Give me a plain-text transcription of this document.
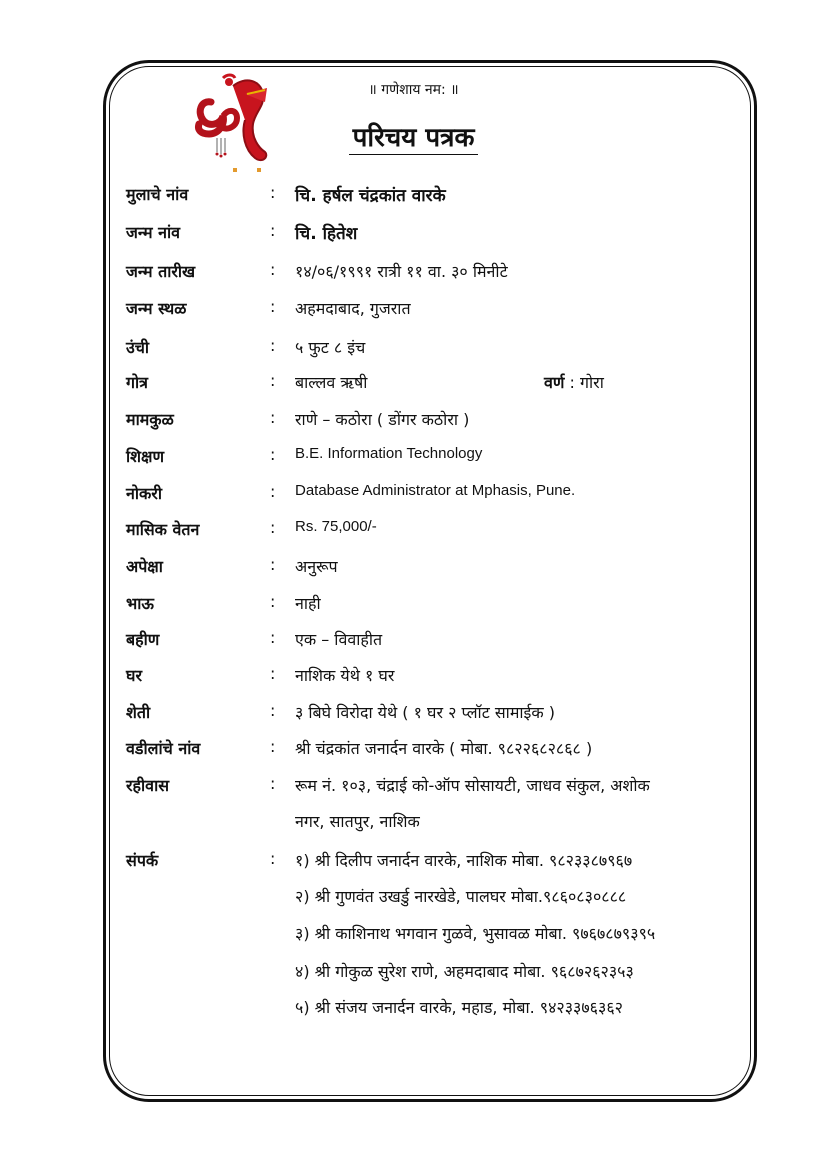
॥ गणेशाय नम: ॥
परिचय पत्रक
मुलाचे नांव	: चि. हर्षल चंद्रकांत वारके
जन्म नांव	: चि. हितेश
जन्म तारीख	: १४/०६/१९९१ रात्री ११ वा. ३० मिनीटे
जन्म स्थळ	: अहमदाबाद, गुजरात
उंची	: ५ फुट ८ इंच
गोत्र	: बाल्लव ऋषी	वर्ण : गोरा
मामकुळ	: राणे – कठोरा ( डोंगर कठोरा )
शिक्षण	: B.E. Information Technology
नोकरी	: Database Administrator at Mphasis, Pune.
मासिक वेतन	: Rs. 75,000/-
अपेक्षा	: अनुरूप
भाऊ	: नाही
बहीण	: एक – विवाहीत
घर	: नाशिक येथे १ घर
शेती	: ३ बिघे विरोदा येथे ( १ घर २ प्लॉट सामाईक )
वडीलांचे नांव	: श्री चंद्रकांत जनार्दन वारके ( मोबा. ९८२२६८२८६८ )
रहीवास	: रूम नं. १०३, चंद्राई को-ऑप सोसायटी, जाधव संकुल, अशोक
नगर, सातपुर, नाशिक
संपर्क	: १) श्री दिलीप जनार्दन वारके, नाशिक मोबा. ९८२३३८७९६७
२) श्री गुणवंत उखर्डु नारखेडे, पालघर मोबा.९८६०८३०८८८
३) श्री काशिनाथ भगवान गुळवे, भुसावळ मोबा. ९७६७८७९३९५
४) श्री गोकुळ सुरेश राणे, अहमदाबाद मोबा. ९६८७२६२३५३
५) श्री संजय जनार्दन वारके, महाड, मोबा. ९४२३३७६३६२
